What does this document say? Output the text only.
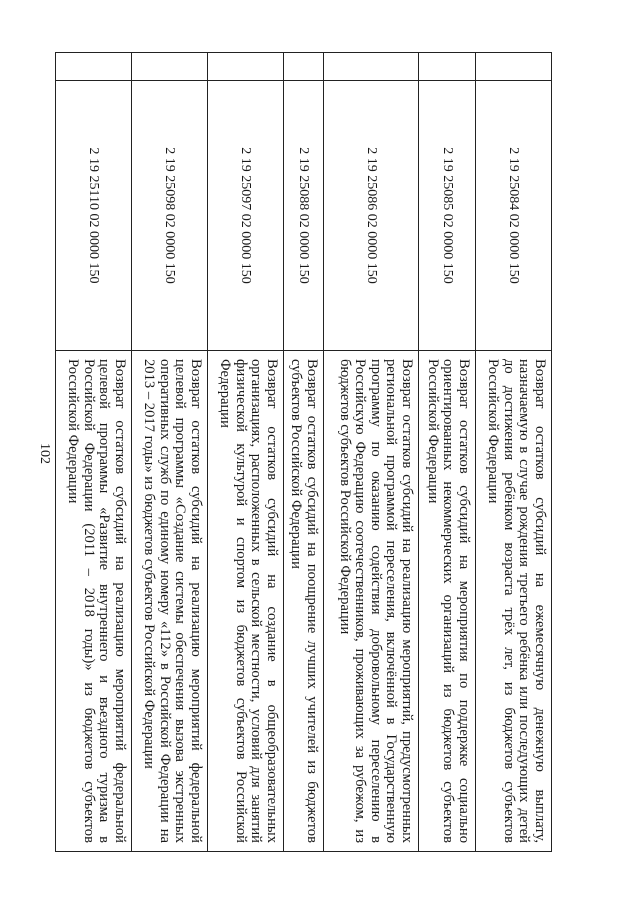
102
	2 19 25084 02 0000 150	Возврат остатков субсидий на ежемесячную денежную выплату, назначаемую в случае рождения третьего ребёнка или последующих детей до достижения ребёнком возраста трёх лет, из бюджетов субъектов Российской Федерации
	2 19 25085 02 0000 150	Возврат остатков субсидий на мероприятия по поддержке социально ориентированных некоммерческих организаций из бюджетов субъектов Российской Федерации
	2 19 25086 02 0000 150	Возврат остатков субсидий на реализацию мероприятий, предусмотренных региональной программой переселения, включённой в Государственную программу по оказанию содействия добровольному переселению в Российскую Федерацию соотечественников, проживающих за рубежом, из бюджетов субъектов Российской Федерации
	2 19 25088 02 0000 150	Возврат остатков субсидий на поощрение лучших учителей из бюджетов субъектов Российской Федерации
	2 19 25097 02 0000 150	Возврат остатков субсидий на создание в общеобразовательных организациях, расположенных в сельской местности, условий для занятий физической культурой и спортом из бюджетов субъектов Российской Федерации
	2 19 25098 02 0000 150	Возврат остатков субсидий на реализацию мероприятий федеральной целевой программы «Создание системы обеспечения вызова экстренных оперативных служб по единому номеру «112» в Российской Федерации на 2013 – 2017 годы» из бюджетов субъектов Российской Федерации
	2 19 25110 02 0000 150	Возврат остатков субсидий на реализацию мероприятий федеральной целевой программы «Развитие внутреннего и въездного туризма в Российской Федерации (2011 – 2018 годы)» из бюджетов субъектов Российской Федерации
